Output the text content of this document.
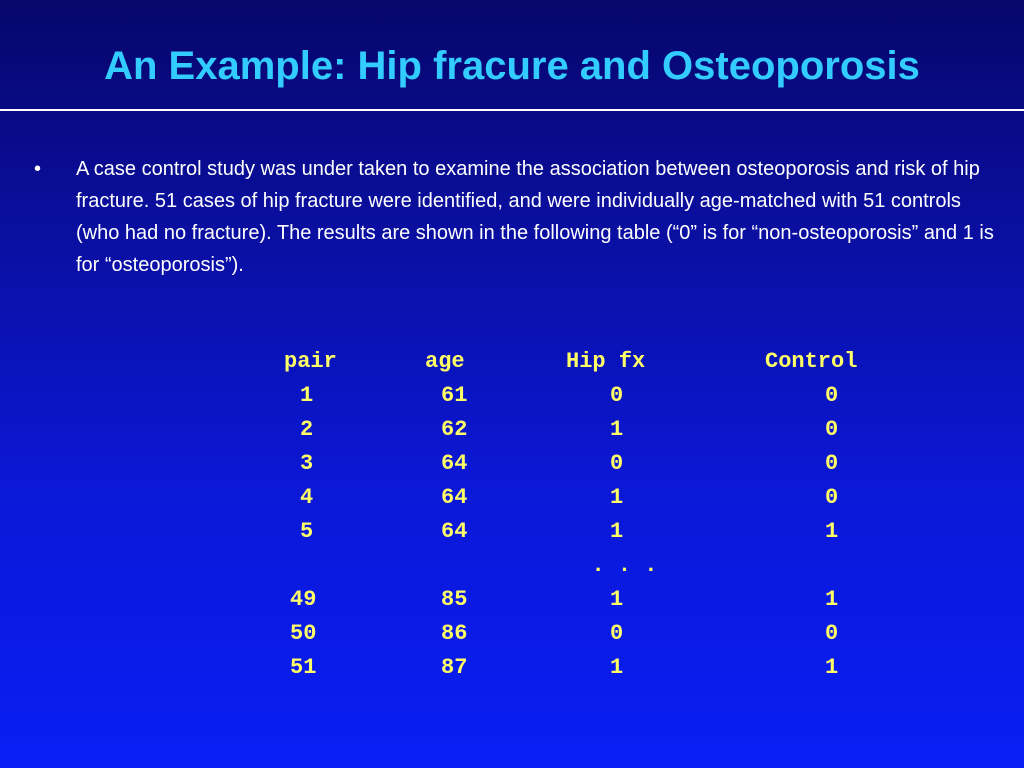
An Example: Hip fracure and Osteoporosis
•	A case control study was under taken to examine the association between osteoporosis and risk of hip fracture. 51 cases of hip fracture were identified, and were individually age-matched with 51 controls (who had no fracture). The results are shown in the following table (“0” is for “non-osteoporosis” and 1 is for “osteoporosis”).
pair	age	Hip fx	Control
1	61	0	0
2	62	1	0
3	64	0	0
4	64	1	0
5	64	1	1
. . .			
49	85	1	1
50	86	0	0
51	87	1	1
